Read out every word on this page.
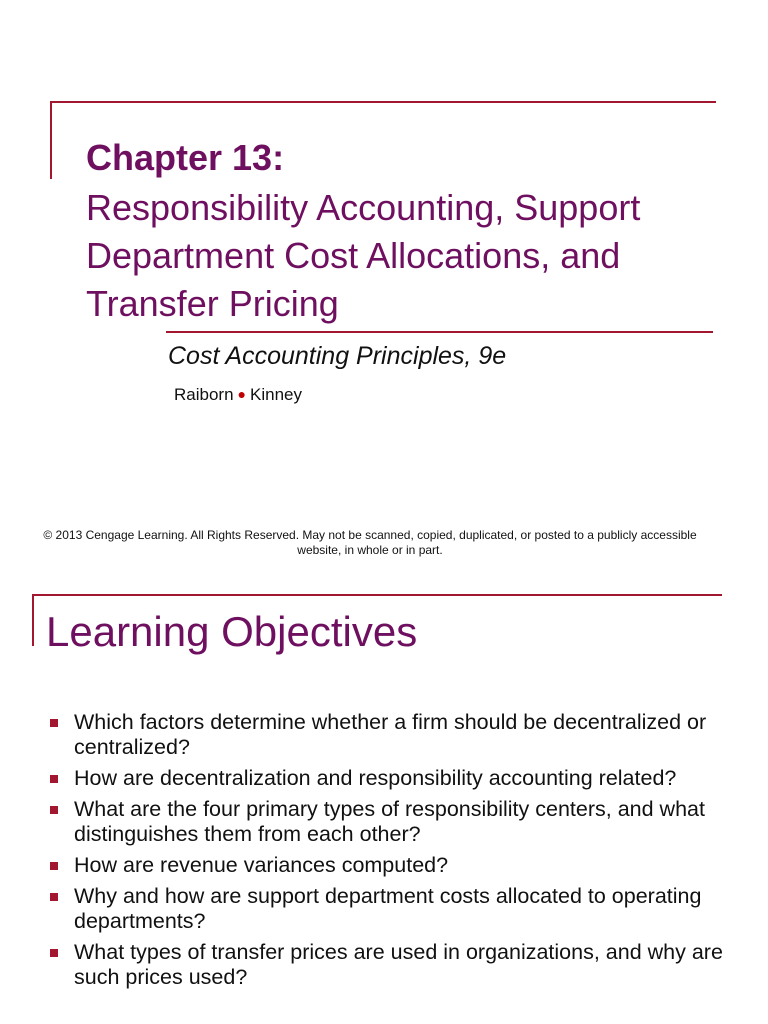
Chapter 13:
Responsibility Accounting, Support Department Cost Allocations, and Transfer Pricing

Cost Accounting Principles, 9e

Raiborn ● Kinney

© 2013 Cengage Learning. All Rights Reserved. May not be scanned, copied, duplicated, or posted to a publicly accessible website, in whole or in part.

Learning Objectives
Which factors determine whether a firm should be decentralized or centralized?
How are decentralization and responsibility accounting related?
What are the four primary types of responsibility centers, and what distinguishes them from each other?
How are revenue variances computed?
Why and how are support department costs allocated to operating departments?
What types of transfer prices are used in organizations, and why are such prices used?
